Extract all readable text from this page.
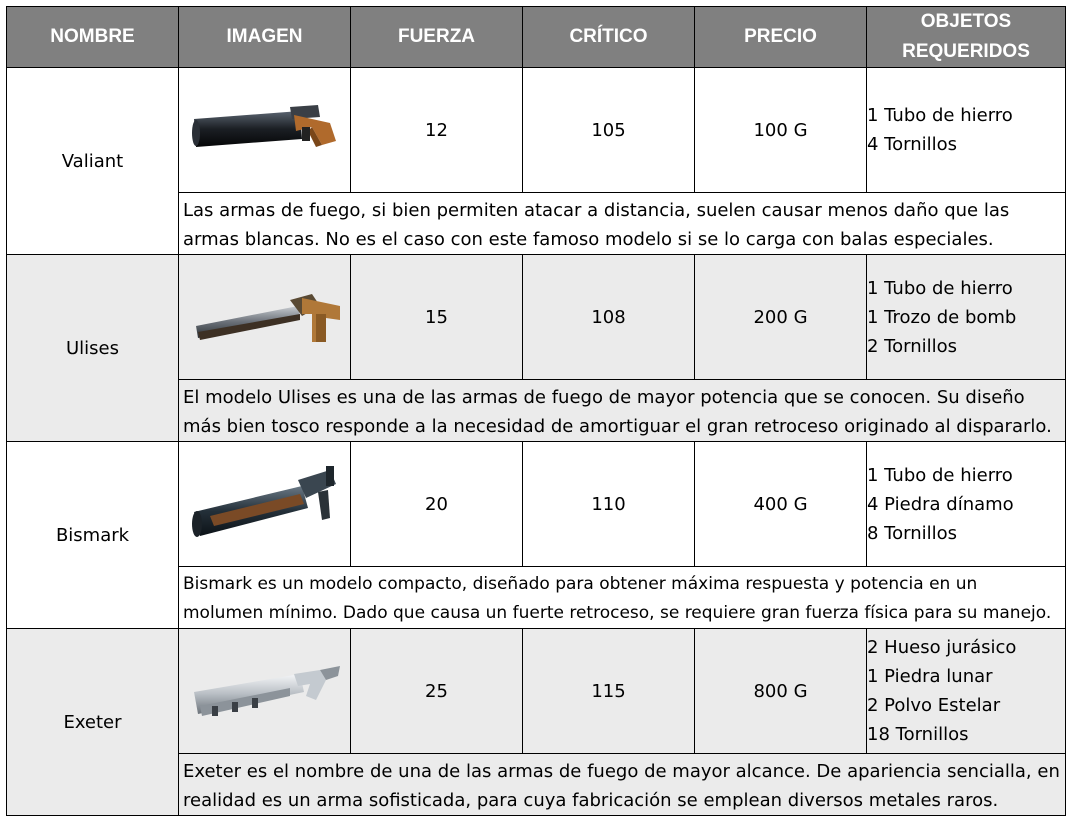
NOMBRE	IMAGEN	FUERZA	CRÍTICO	PRECIO	OBJETOS
REQUERIDOS
Valiant		12	105	100 G	1 Tubo de hierro
4 Tornillos

	Las armas de fuego, si bien permiten atacar a distancia, suelen causar menos daño que las armas blancas. No es el caso con este famoso modelo si se lo carga con balas especiales.				
Ulises		15	108	200 G	1 Tubo de hierro
1 Trozo de bomb
2 Tornillos

	El modelo Ulises es una de las armas de fuego de mayor potencia que se conocen. Su diseño más bien tosco responde a la necesidad de amortiguar el gran retroceso originado al dispararlo.				
Bismark		20	110	400 G	1 Tubo de hierro
4 Piedra dínamo
8 Tornillos

	Bismark es un modelo compacto, diseñado para obtener máxima respuesta y potencia en un molumen mínimo. Dado que causa un fuerte retroceso, se requiere gran fuerza física para su manejo.				
Exeter		25	115	800 G	2 Hueso jurásico
1 Piedra lunar
2 Polvo Estelar
18 Tornillos

	Exeter es el nombre de una de las armas de fuego de mayor alcance. De apariencia sencialla, en realidad es un arma sofisticada, para cuya fabricación se emplean diversos metales raros.				
